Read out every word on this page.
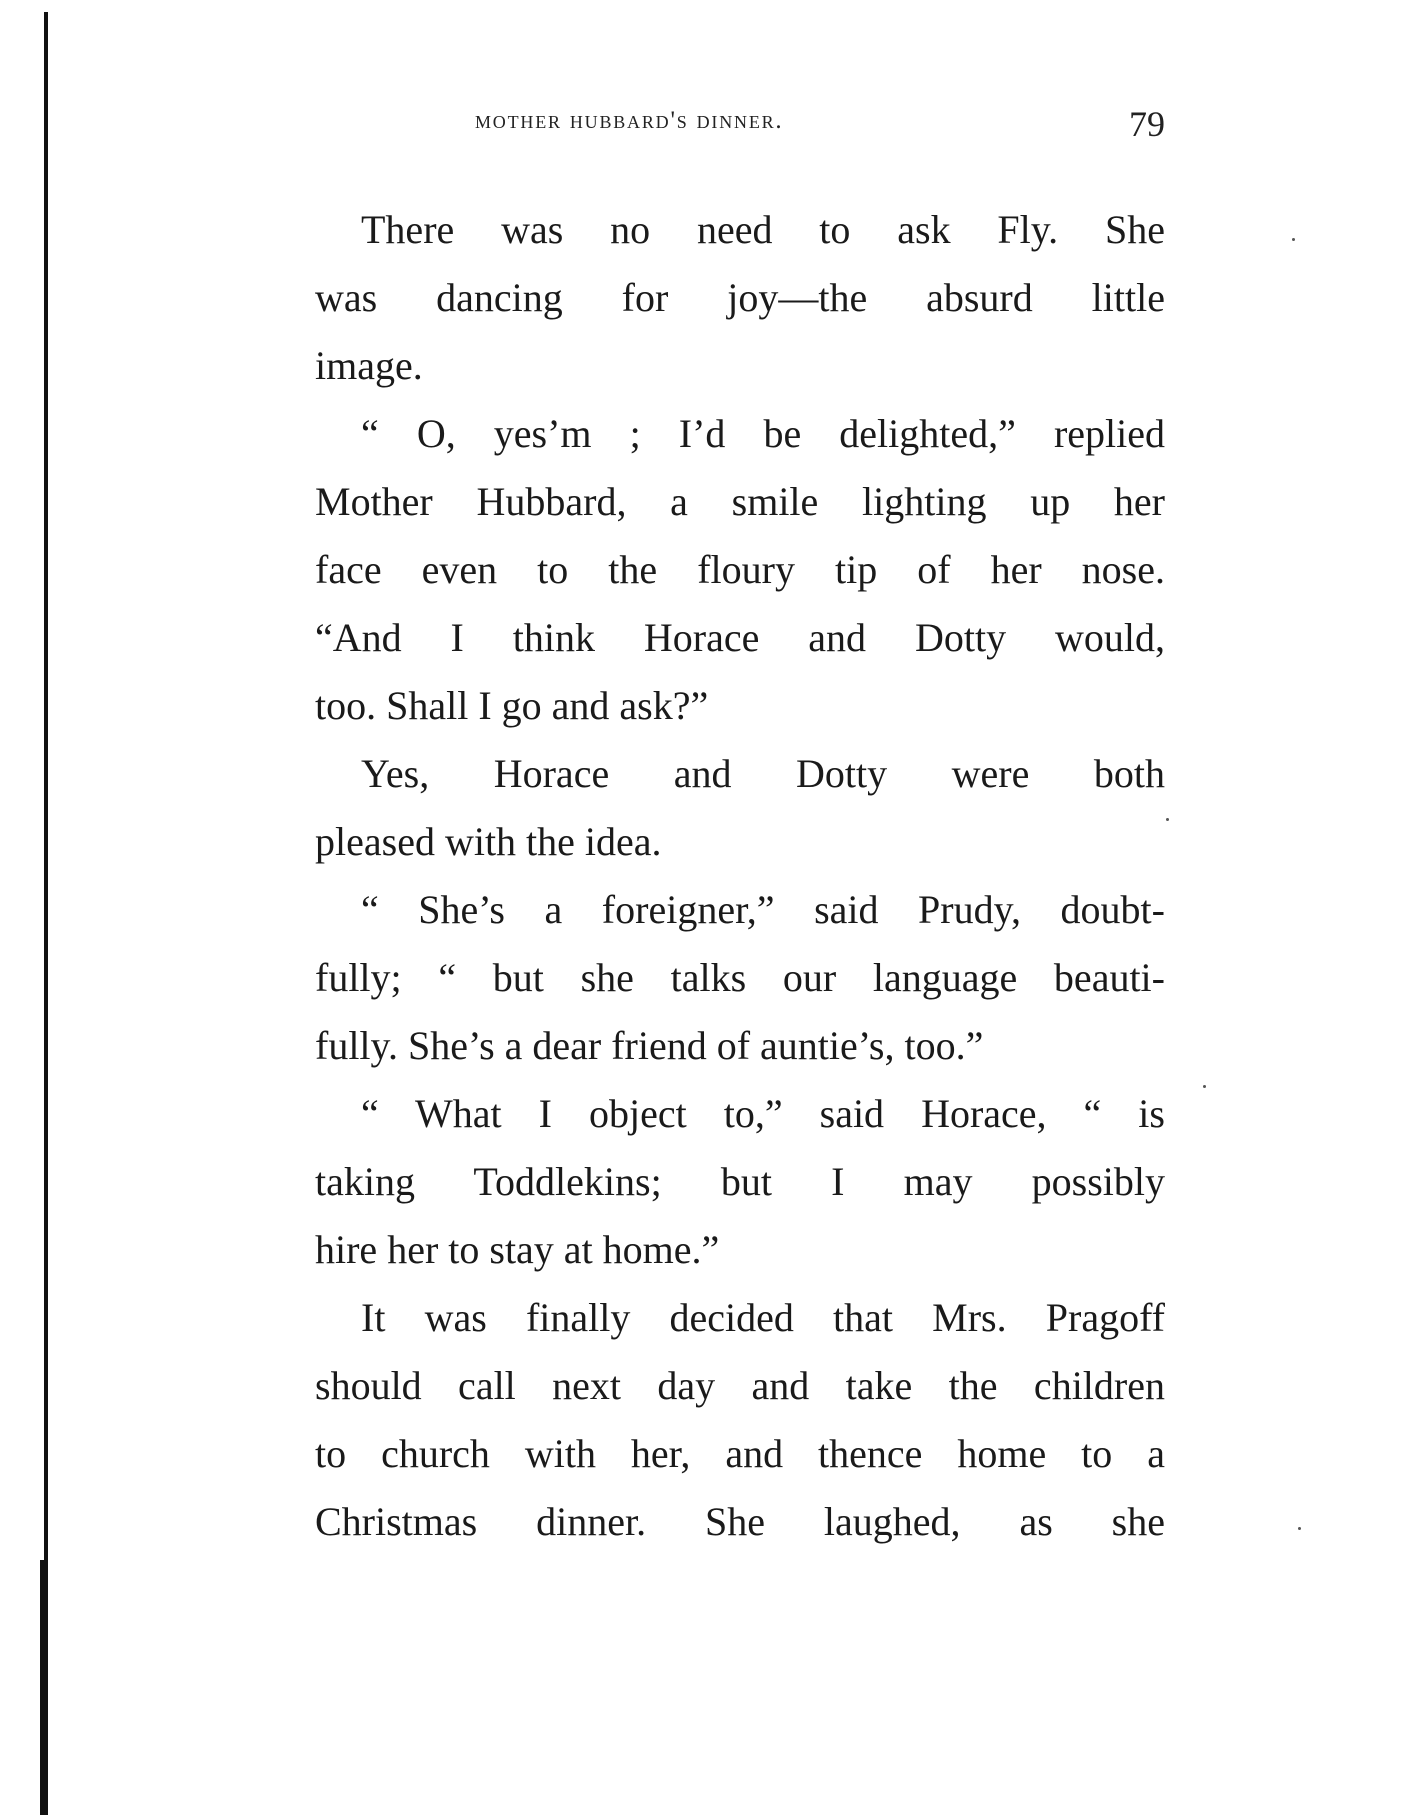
mother hubbard's dinner.	79
There was no need to ask Fly. She
was dancing for joy—the absurd little
image.
“ O, yes’m ; I’d be delighted,” replied
Mother Hubbard, a smile lighting up her
face even to the floury tip of her nose.
“And I think Horace and Dotty would,
too. Shall I go and ask?”
Yes, Horace and Dotty were both
pleased with the idea.
“ She’s a foreigner,” said Prudy, doubt-
fully; “ but she talks our language beauti-
fully. She’s a dear friend of auntie’s, too.”
“ What I object to,” said Horace, “ is
taking Toddlekins; but I may possibly
hire her to stay at home.”
It was finally decided that Mrs. Pragoff
should call next day and take the children
to church with her, and thence home to a
Christmas dinner. She laughed, as she
